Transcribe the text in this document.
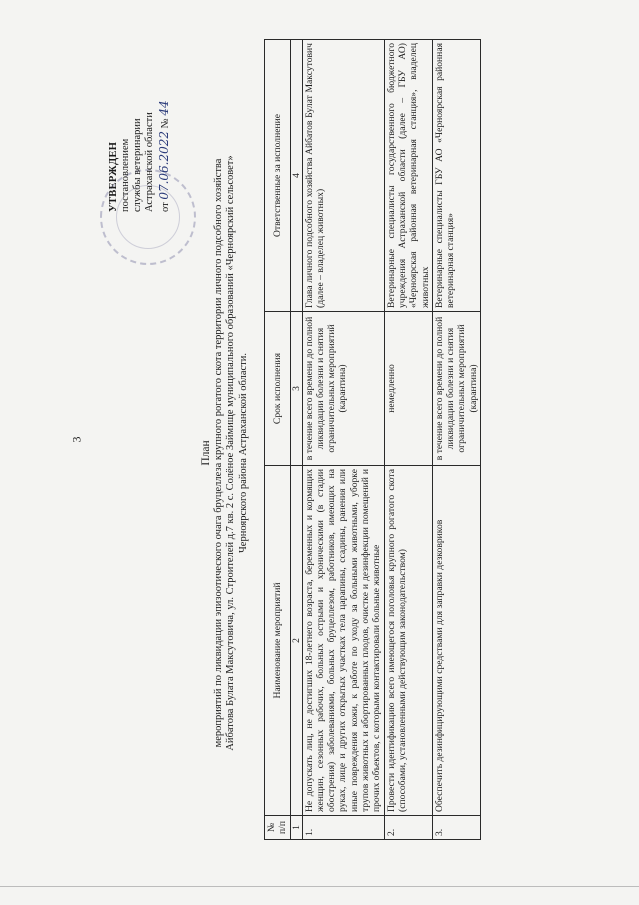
3
УТВЕРЖДЕН постановлением службы ветеринарии Астраханской области от 07.06.2022 № 44
План мероприятий по ликвидации эпизоотического очага бруцеллеза крупного рогатого скота территории личного подсобного хозяйства Айбатова Булата Максутовича, ул. Строителей д.7 кв. 2 с. Солёное Займище муниципального образований «Черноярский сельсовет» Черноярского района Астраханской области.
№ п/п	Наименование мероприятий	Срок исполнения	Ответственные за исполнение
1	2	3	4
1.	Не допускать лиц, не достигших 18-летнего возраста, беременных и кормящих женщин, сезонных рабочих, больных острыми и хроническими (в стадии обострения) заболеваниями, больных бруцеллезом, работников, имеющих на руках, лице и других открытых участках тела царапины, ссадины, ранения или иные повреждения кожи, к работе по уходу за больными животными, уборке трупов животных и абортированных плодов, очистке и дезинфекции помещений и прочих объектов, с которыми контактировали больные животные	в течение всего времени до полной ликвидации болезни и снятия ограничительных мероприятий (карантина)	Глава личного подсобного хозяйства Айбатов Булат Максутович (далее – владелец животных)
2.	Провести идентификацию всего имеющегося поголовья крупного рогатого скота (способами, установленными действующим законодательством)	немедленно	Ветеринарные специалисты государственного бюджетного учреждения Астраханской области (далее – ГБУ АО) «Черноярская районная ветеринарная станция», владелец животных
3.	Обеспечить дезинфицирующими средствами для заправки дезковриков	в течение всего времени до полной ликвидации болезни и снятия ограничительных мероприятий (карантина)	Ветеринарные специалисты ГБУ АО «Черноярская районная ветеринарная станция»
